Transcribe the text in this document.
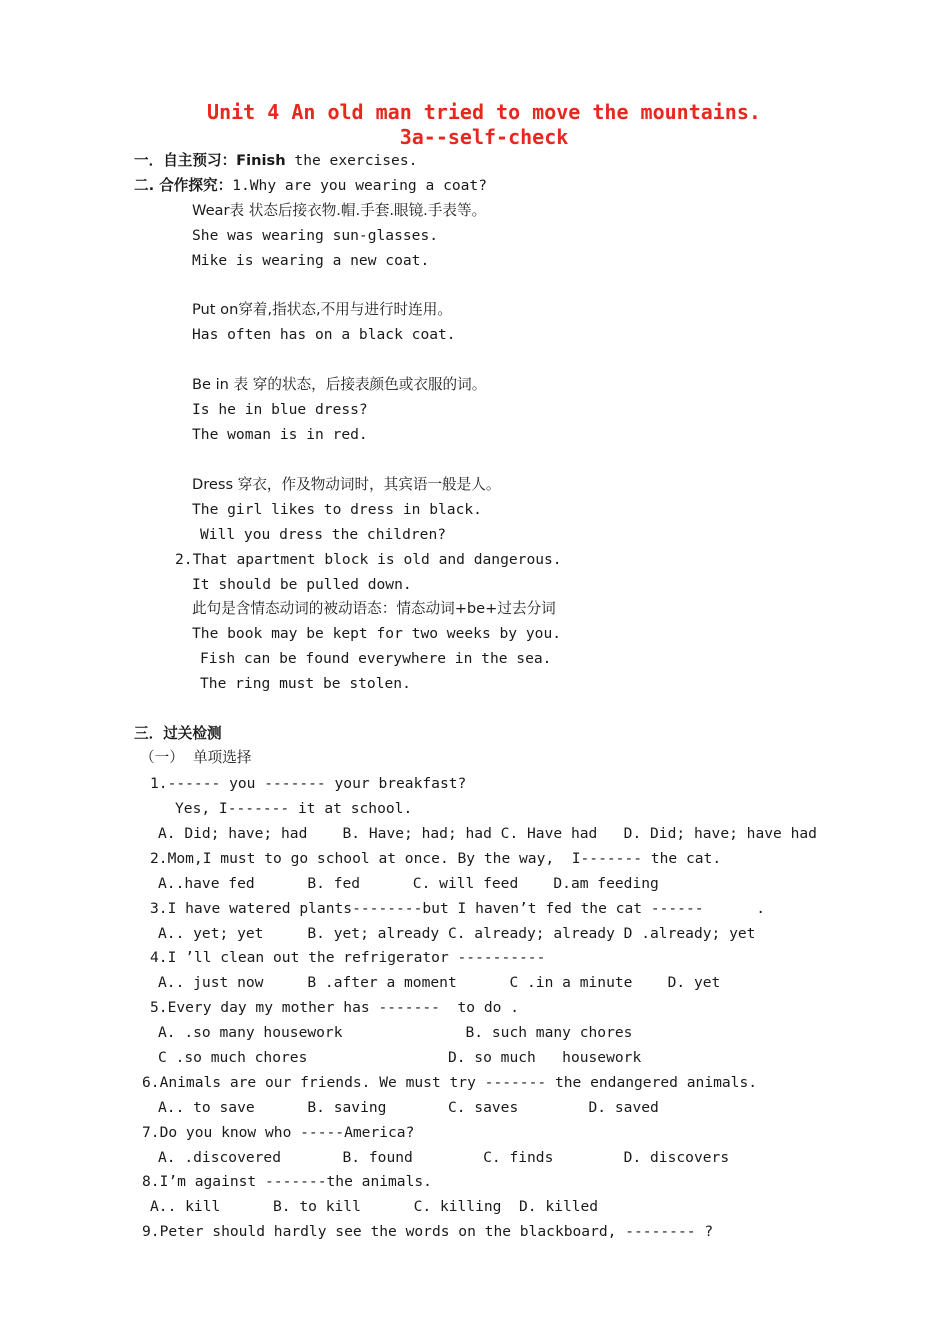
Unit 4 An old man tried to move the mountains.
3a--self-check
一．自主预习：Finish the exercises.
二. 合作探究：1.Why are you wearing a coat?
Wear表 状态后接衣物.帽.手套.眼镜.手表等。
She was wearing sun-glasses.
Mike is wearing a new coat.
Put on穿着,指状态,不用与进行时连用。
Has often has on a black coat.
Be in 表 穿的状态，后接表颜色或衣服的词。
Is he in blue dress?
The woman is in red.
Dress 穿衣，作及物动词时，其宾语一般是人。
The girl likes to dress in black.
Will you dress the children?
2.That apartment block is old and dangerous.
It should be pulled down.
此句是含情态动词的被动语态：情态动词+be+过去分词
The book may be kept for two weeks by you.
Fish can be found everywhere in the sea.
The ring must be stolen.
三．过关检测
（一）  单项选择
1.------ you ------- your breakfast?
Yes, I------- it at school.
A. Did; have; had    B. Have; had; had C. Have had   D. Did; have; have had
2.Mom,I must to go school at once. By the way,  I------- the cat.
A..have fed      B. fed      C. will feed    D.am feeding
3.I have watered plants--------but I haven’t fed the cat ------      .
A.. yet; yet     B. yet; already C. already; already D .already; yet
4.I ’ll clean out the refrigerator ----------
A.. just now     B .after a moment      C .in a minute    D. yet
5.Every day my mother has -------  to do .
A. .so many housework              B. such many chores
C .so much chores                D. so much   housework
6.Animals are our friends. We must try ------- the endangered animals.
A.. to save      B. saving       C. saves        D. saved
7.Do you know who -----America?
A. .discovered       B. found        C. finds        D. discovers
8.I’m against -------the animals.
A.. kill      B. to kill      C. killing  D. killed
9.Peter should hardly see the words on the blackboard, -------- ?
